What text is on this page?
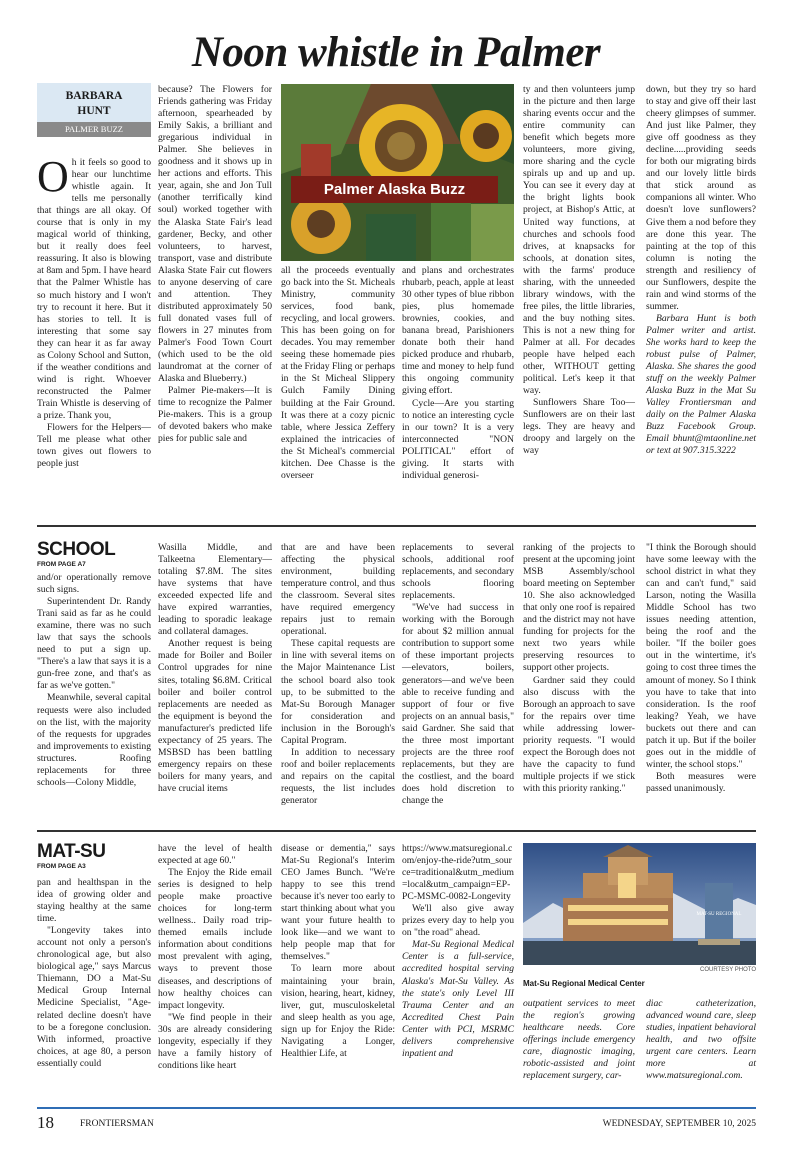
Noon whistle in Palmer
BARBARA HUNT
PALMER BUZZ

Oh it feels so good to hear our lunchtime whistle again. It tells me personally that things are all okay. Of course that is only in my magical world of thinking, but it really does feel reassuring. It also is blowing at 8am and 5pm. I have heard that the Palmer Whistle has so much history and I won't try to recount it here. But it has stories to tell. It is interesting that some say they can hear it as far away as Colony School and Sutton, if the weather conditions and wind is right. Whoever reconstructed the Palmer Train Whistle is deserving of a prize. Thank you,

Flowers for the Helpers—Tell me please what other town gives out flowers to people just

because? The Flowers for Friends gathering was Friday afternoon, spearheaded by Emily Sakis, a brilliant and gregarious individual in Palmer. She believes in goodness and it shows up in her actions and efforts. This year, again, she and Jon Tull (another terrifically kind soul) worked together with the Alaska State Fair's lead gardener, Becky, and other volunteers, to harvest, transport, vase and distribute Alaska State Fair cut flowers to anyone deserving of care and attention. They distributed approximately 50 full donated vases full of flowers in 27 minutes from Palmer's Food Town Court (which used to be the old laundromat at the corner of Alaska and Blueberry.)

Palmer Pie-makers—It is time to recognize the Palmer Pie-makers. This is a group of devoted bakers who make pies for public sale and

Palmer Alaska Buzz

all the proceeds eventually go back into the St. Micheals Ministry, community services, food bank, recycling, and local growers. This has been going on for decades. You may remember seeing these homemade pies at the Friday Fling or perhaps in the St Micheal Slippery Gulch Family Dining building at the Fair Ground. It was there at a cozy picnic table, where Jessica Zeffery explained the intricacies of the St Micheal's commercial kitchen. Dee Chasse is the overseer

and plans and orchestrates rhubarb, peach, apple at least 30 other types of blue ribbon pies, plus homemade brownies, cookies, and banana bread, Parishioners donate both their hand picked produce and rhubarb, time and money to help fund this ongoing community giving effort.

Cycle—Are you starting to notice an interesting cycle in our town? It is a very interconnected "NON POLITICAL" effort of giving. It starts with individual generosi-

ty and then volunteers jump in the picture and then large sharing events occur and the entire community can benefit which begets more volunteers, more giving, more sharing and the cycle spirals up and up and up. You can see it every day at the bright lights book project, at Bishop's Attic, at United way functions, at churches and schools food drives, at knapsacks for schools, at donation sites, with the farms' produce sharing, with the unneeded library windows, with the free piles, the little libraries, and the buy nothing sites. This is not a new thing for Palmer at all. For decades people have helped each other, WITHOUT getting political. Let's keep it that way.

Sunflowers Share Too—Sunflowers are on their last legs. They are heavy and droopy and largely on the way

down, but they try so hard to stay and give off their last cheery glimpses of summer. And just like Palmer, they give off goodness as they decline.....providing seeds for both our migrating birds and our lovely little birds that stick around as companions all winter. Who doesn't love sunflowers? Give them a nod before they are done this year. The painting at the top of this column is noting the strength and resiliency of our Sunflowers, despite the rain and wind storms of the summer.

Barbara Hunt is both Palmer writer and artist. She works hard to keep the robust pulse of Palmer, Alaska. She shares the good stuff on the weekly Palmer Alaska Buzz in the Mat Su Valley Frontiersman and daily on the Palmer Alaska Buzz Facebook Group. Email bhunt@mtaonline.net or text at 907.315.3222

SCHOOL
FROM PAGE A7

and/or operationally remove such signs.

Superintendent Dr. Randy Trani said as far as he could examine, there was no such law that says the schools need to put a sign up. "There's a law that says it is a gun-free zone, and that's as far as we've gotten."

Meanwhile, several capital requests were also included on the list, with the majority of the requests for upgrades and improvements to existing structures. Roofing replacements for three schools—Colony Middle,

Wasilla Middle, and Talkeetna Elementary—totaling $7.8M. The sites have systems that have exceeded expected life and have expired warranties, leading to sporadic leakage and collateral damages.

Another request is being made for Boiler and Boiler Control upgrades for nine sites, totaling $6.8M. Critical boiler and boiler control replacements are needed as the equipment is beyond the manufacturer's predicted life expectancy of 25 years. The MSBSD has been battling emergency repairs on these boilers for many years, and have crucial items

that are and have been affecting the physical environment, building temperature control, and thus the classroom. Several sites have required emergency repairs just to remain operational.

These capital requests are in line with several items on the Major Maintenance List the school board also took up, to be submitted to the Mat-Su Borough Manager for consideration and inclusion in the Borough's Capital Program.

In addition to necessary roof and boiler replacements and repairs on the capital requests, the list includes generator

replacements to several schools, additional roof replacements, and secondary schools flooring replacements.

"We've had success in working with the Borough for about $2 million annual contribution to support some of these important projects—elevators, boilers, generators—and we've been able to receive funding and support of four or five projects on an annual basis," said Gardner. She said that the three most important projects are the three roof replacements, but they are the costliest, and the board does hold discretion to change the

ranking of the projects to present at the upcoming joint MSB Assembly/school board meeting on September 10. She also acknowledged that only one roof is repaired and the district may not have funding for projects for the next two years while preserving resources to support other projects.

Gardner said they could also discuss with the Borough an approach to save for the repairs over time while addressing lower-priority requests. "I would expect the Borough does not have the capacity to fund multiple projects if we stick with this priority ranking."

"I think the Borough should have some leeway with the school district in what they can and can't fund," said Larson, noting the Wasilla Middle School has two issues needing attention, being the roof and the boiler. "If the boiler goes out in the wintertime, it's going to cost three times the amount of money. So I think you have to take that into consideration. Is the roof leaking? Yeah, we have buckets out there and can patch it up. But if the boiler goes out in the middle of winter, the school stops."

Both measures were passed unanimously.

MAT-SU
FROM PAGE A3

pan and healthspan in the idea of growing older and staying healthy at the same time.

"Longevity takes into account not only a person's chronological age, but also biological age," says Marcus Thiemann, DO a Mat-Su Medical Group Internal Medicine Specialist, "Age-related decline doesn't have to be a foregone conclusion. With informed, proactive choices, at age 80, a person essentially could

have the level of health expected at age 60."

The Enjoy the Ride email series is designed to help people make proactive choices for long-term wellness.. Daily road trip-themed emails include information about conditions most prevalent with aging, ways to prevent those diseases, and descriptions of how healthy choices can impact longevity.

"We find people in their 30s are already considering longevity, especially if they have a family history of conditions like heart

disease or dementia," says Mat-Su Regional's Interim CEO James Bunch. "We're happy to see this trend because it's never too early to start thinking about what you want your future health to look like—and we want to help people map that for themselves."

To learn more about maintaining your brain, vision, hearing, heart, kidney, liver, gut, musculoskeletal and sleep health as you age, sign up for Enjoy the Ride: Navigating a Longer, Healthier Life, at

https://www.matsuregional.com/enjoy-the-ride?utm_source=traditional&utm_medium=local&utm_campaign=EP-PC-MSMC-0082-Longevity

We'll also give away prizes every day to help you on "the road" ahead.

Mat-Su Regional Medical Center is a full-service, accredited hospital serving Alaska's Mat-Su Valley. As the state's only Level III Trauma Center and an Accredited Chest Pain Center with PCI, MSRMC delivers comprehensive inpatient and

MAT-SU REGIONAL
COURTESY PHOTO
Mat-Su Regional Medical Center

outpatient services to meet the region's growing healthcare needs. Core offerings include emergency care, diagnostic imaging, robotic-assisted and joint replacement surgery, car-

diac catheterization, advanced wound care, sleep studies, inpatient behavioral health, and two offsite urgent care centers. Learn more at www.matsuregional.com.

18	FRONTIERSMAN	WEDNESDAY, SEPTEMBER 10, 2025
